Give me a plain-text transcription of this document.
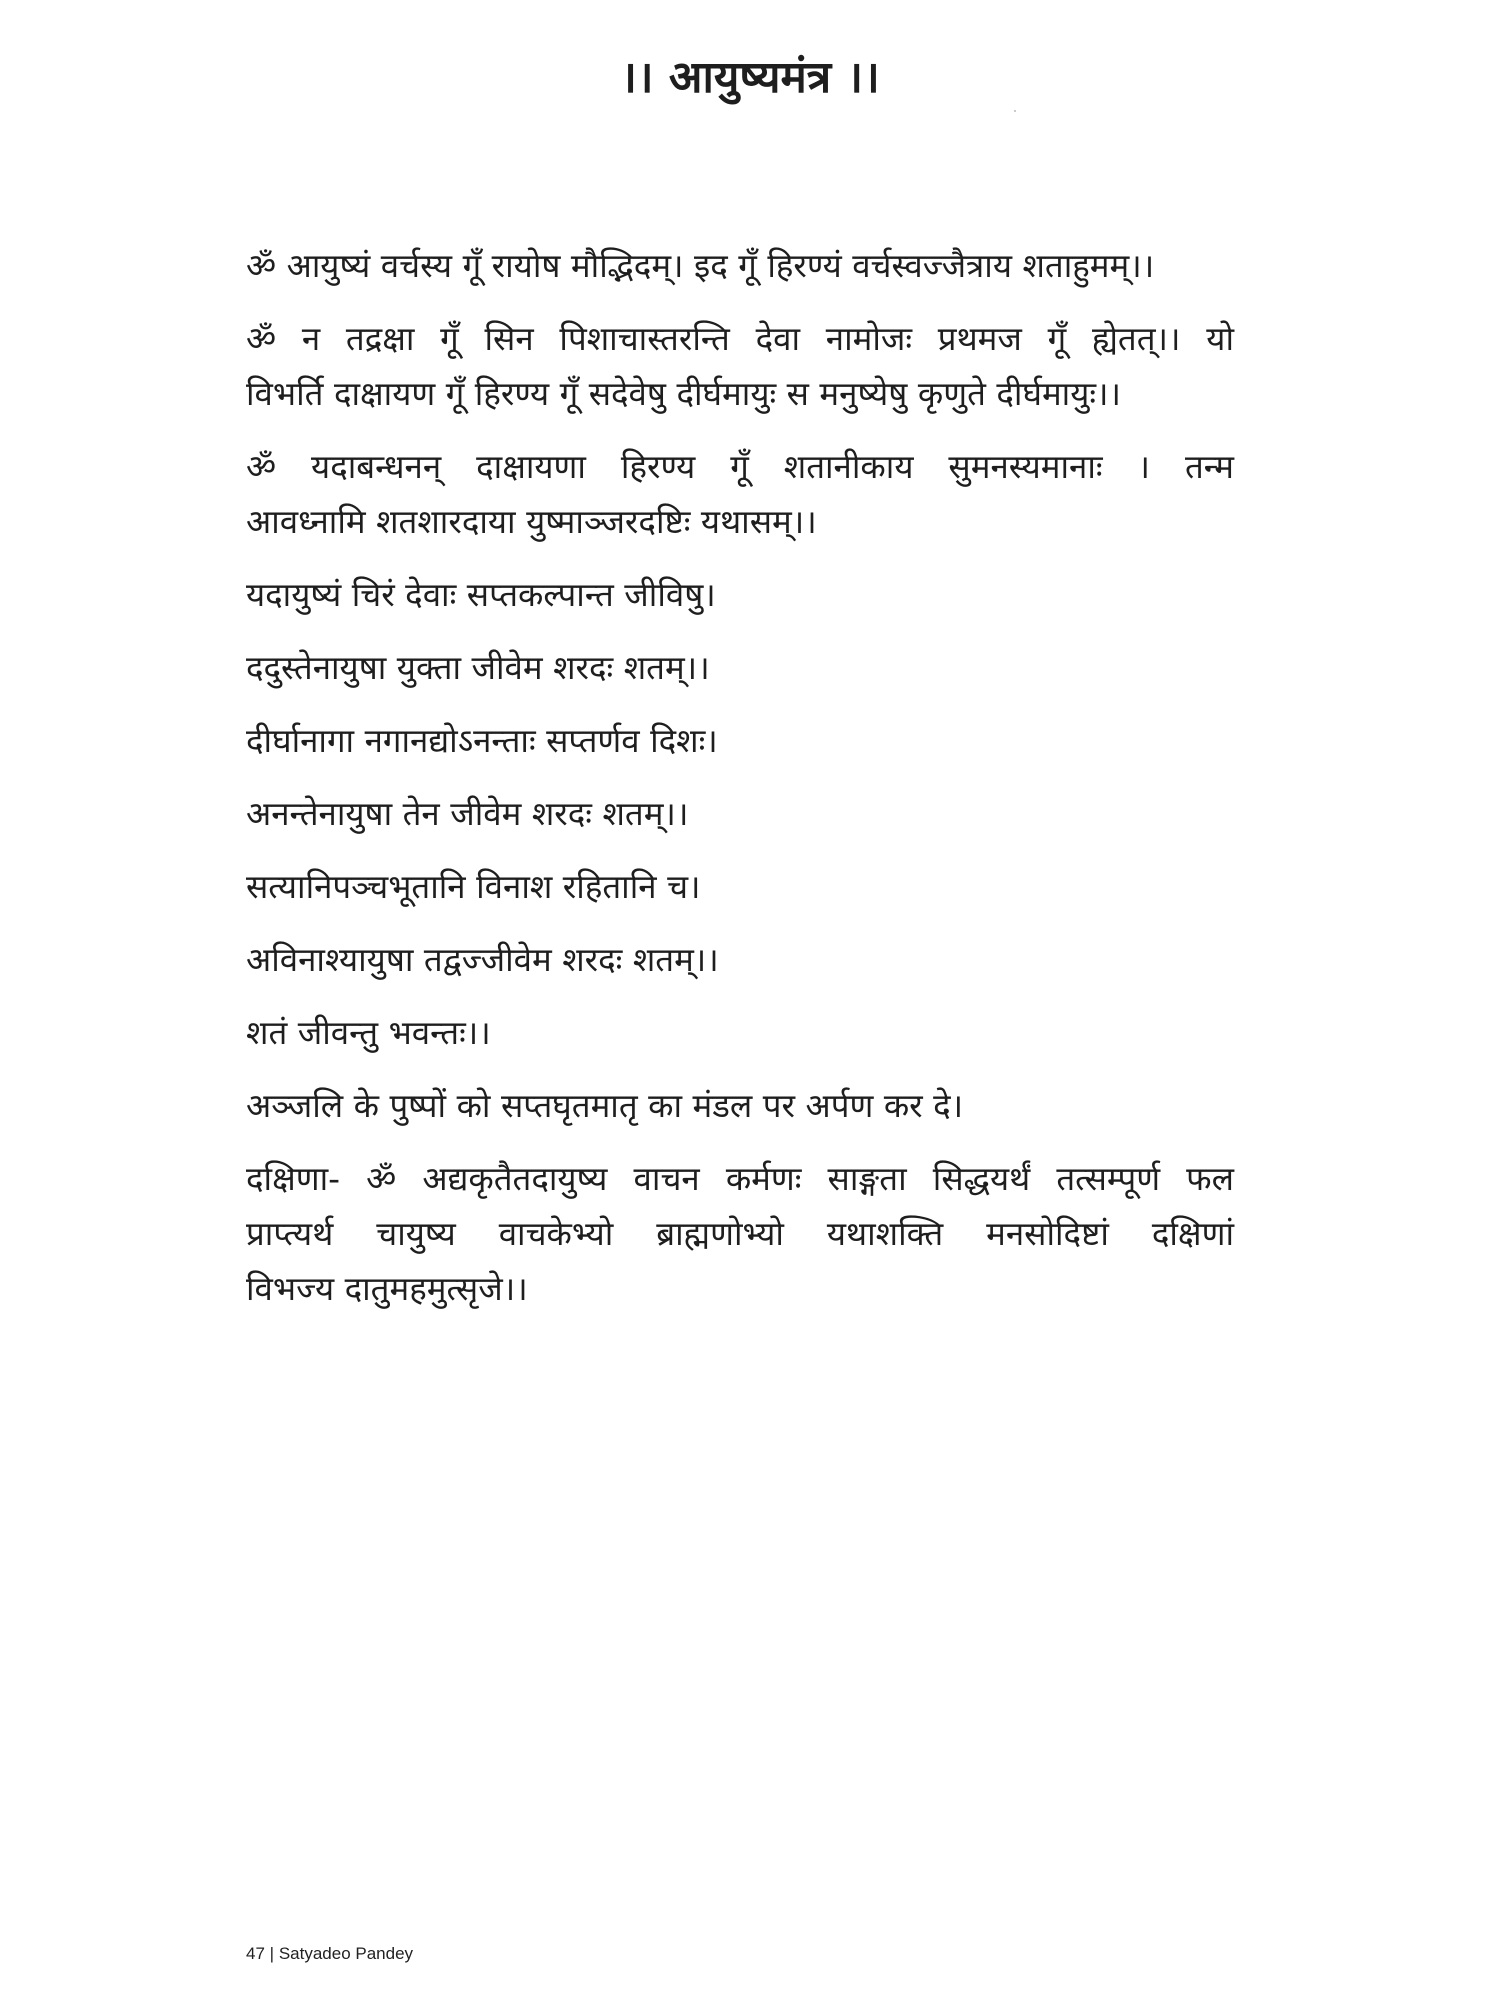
।। आयुष्यमंत्र ।।

ॐ आयुष्यं वर्चस्य गूँ रायोष मौद्भिदम्। इद गूँ हिरण्यं वर्चस्वज्जैत्राय शताहुमम्।।

ॐ न तद्रक्षा गूँ सिन पिशाचास्तरन्ति देवा नामोजः प्रथमज गूँ ह्येतत्।। यो
विभर्ति दाक्षायण गूँ हिरण्य गूँ सदेवेषु दीर्घमायुः स मनुष्येषु कृणुते दीर्घमायुः।।

ॐ यदाबन्धनन् दाक्षायणा हिरण्य गूँ शतानीकाय सुमनस्यमानाः । तन्म
आवध्नामि शतशारदाया युष्माञ्जरदष्टिः यथासम्।।

यदायुष्यं चिरं देवाः सप्तकल्पान्त जीविषु।

ददुस्तेनायुषा युक्ता जीवेम शरदः शतम्।।

दीर्घानागा नगानद्योऽनन्ताः सप्तर्णव दिशः।

अनन्तेनायुषा तेन जीवेम शरदः शतम्।।

सत्यानिपञ्चभूतानि विनाश रहितानि च।

अविनाश्यायुषा तद्वज्जीवेम शरदः शतम्।।

शतं जीवन्तु भवन्तः।।

अञ्जलि के पुष्पों को सप्तघृतमातृ का मंडल पर अर्पण कर दे।

दक्षिणा- ॐ अद्यकृतैतदायुष्य वाचन कर्मणः साङ्गता सिद्धयर्थं तत्सम्पूर्ण फल
प्राप्त्यर्थ चायुष्य वाचकेभ्यो ब्राह्मणोभ्यो यथाशक्ति मनसोदिष्टां दक्षिणां
विभज्य दातुमहमुत्सृजे।।

47 | Satyadeo Pandey
